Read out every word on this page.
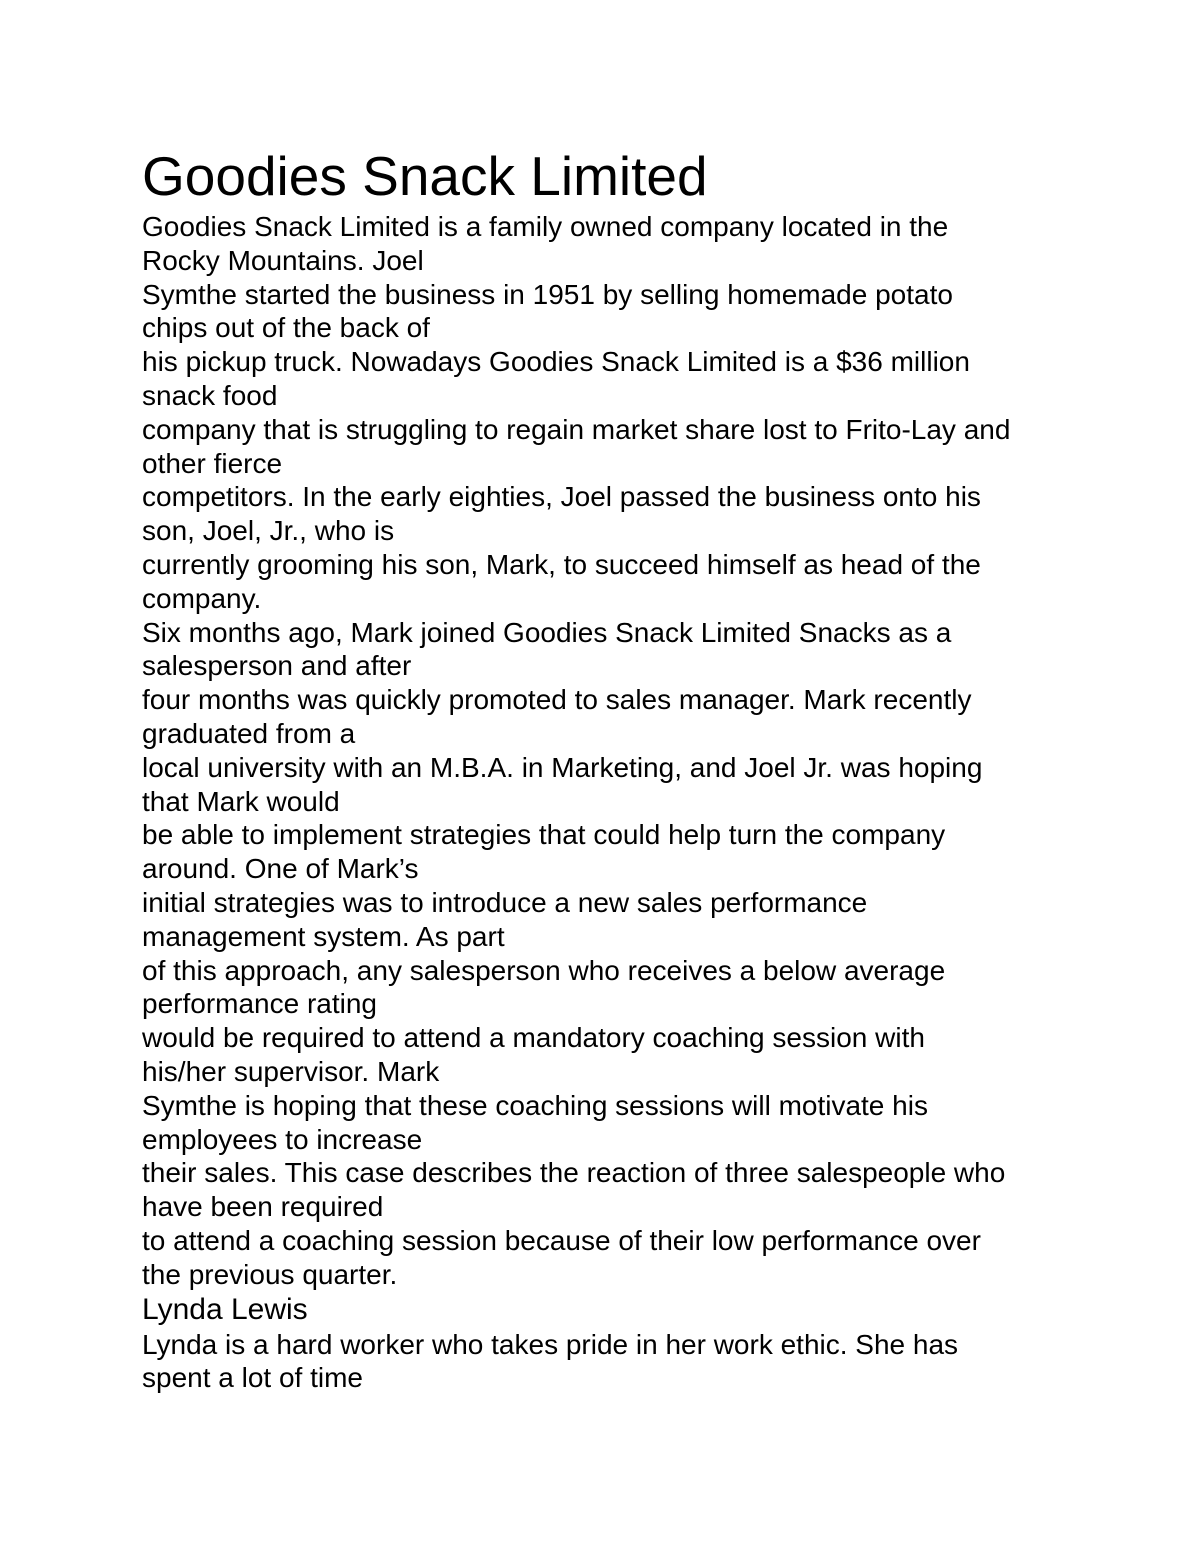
Goodies Snack Limited

Goodies Snack Limited is a family owned company located in the

Rocky Mountains. Joel

Symthe started the business in 1951 by selling homemade potato

chips out of the back of

his pickup truck. Nowadays Goodies Snack Limited is a $36 million

snack food

company that is struggling to regain market share lost to Frito-Lay and

other fierce

competitors. In the early eighties, Joel passed the business onto his

son, Joel, Jr., who is

currently grooming his son, Mark, to succeed himself as head of the

company.

Six months ago, Mark joined Goodies Snack Limited Snacks as a

salesperson and after

four months was quickly promoted to sales manager. Mark recently

graduated from a

local university with an M.B.A. in Marketing, and Joel Jr. was hoping

that Mark would

be able to implement strategies that could help turn the company

around. One of Mark’s

initial strategies was to introduce a new sales performance

management system. As part

of this approach, any salesperson who receives a below average

performance rating

would be required to attend a mandatory coaching session with

his/her supervisor. Mark

Symthe is hoping that these coaching sessions will motivate his

employees to increase

their sales. This case describes the reaction of three salespeople who

have been required

to attend a coaching session because of their low performance over

the previous quarter.

Lynda Lewis

Lynda is a hard worker who takes pride in her work ethic. She has

spent a lot of time
